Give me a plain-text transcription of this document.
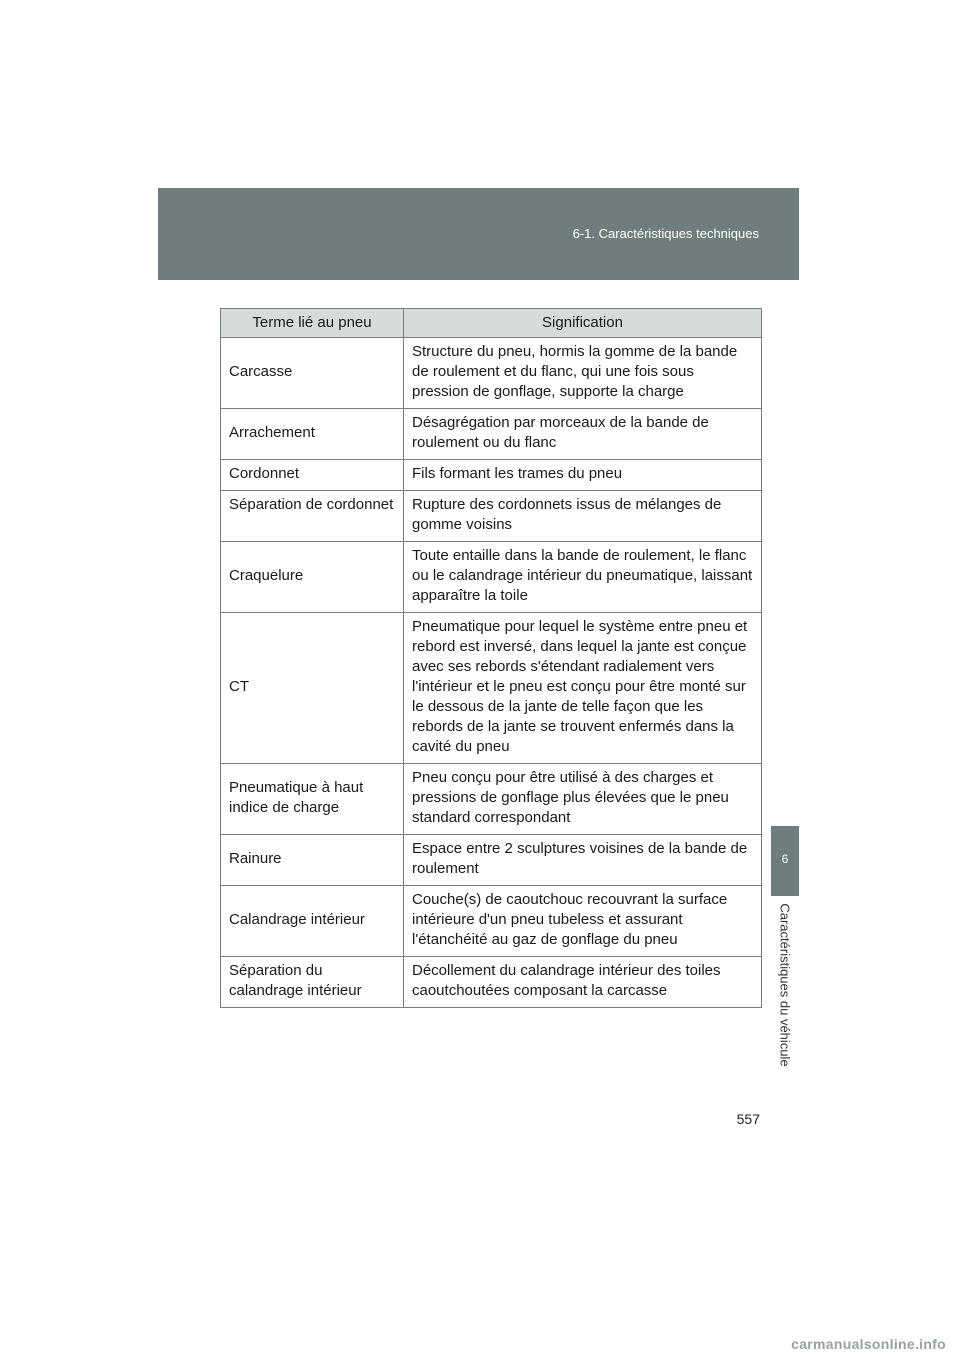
6-1. Caractéristiques techniques
Terme lié au pneu	Signification
Carcasse	Structure du pneu, hormis la gomme de la bande de roulement et du flanc, qui une fois sous pression de gonflage, supporte la charge
Arrachement	Désagrégation par morceaux de la bande de roulement ou du flanc
Cordonnet	Fils formant les trames du pneu
Séparation de cordonnet	Rupture des cordonnets issus de mélanges de gomme voisins
Craquelure	Toute entaille dans la bande de roulement, le flanc ou le calandrage intérieur du pneumatique, laissant apparaître la toile
CT	Pneumatique pour lequel le système entre pneu et rebord est inversé, dans lequel la jante est conçue avec ses rebords s'étendant radialement vers l'intérieur et le pneu est conçu pour être monté sur le dessous de la jante de telle façon que les rebords de la jante se trouvent enfermés dans la cavité du pneu
Pneumatique à haut indice de charge	Pneu conçu pour être utilisé à des charges et pressions de gonflage plus élevées que le pneu standard correspondant
Rainure	Espace entre 2 sculptures voisines de la bande de roulement
Calandrage intérieur	Couche(s) de caoutchouc recouvrant la surface intérieure d'un pneu tubeless et assurant l'étanchéité au gaz de gonflage du pneu
Séparation du calandrage intérieur	Décollement du calandrage intérieur des toiles caoutchoutées composant la carcasse
6
Caractéristiques du véhicule
557
carmanualsonline.info
